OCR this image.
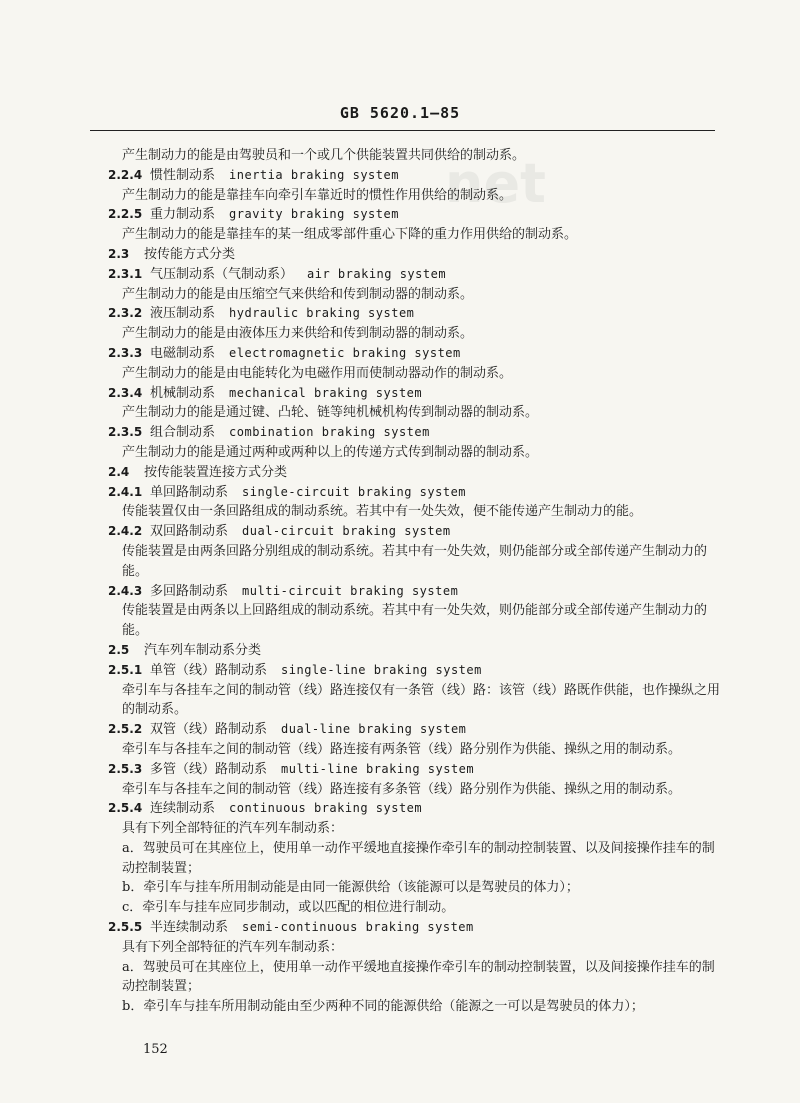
net
GB 5620.1—85

产生制动力的能是由驾驶员和一个或几个供能装置共同供给的制动系。

2.2.4 惯性制动系 inertia braking system

产生制动力的能是靠挂车向牵引车靠近时的惯性作用供给的制动系。

2.2.5 重力制动系 gravity braking system

产生制动力的能是靠挂车的某一组成零部件重心下降的重力作用供给的制动系。

2.3 按传能方式分类

2.3.1 气压制动系（气制动系） air braking system

产生制动力的能是由压缩空气来供给和传到制动器的制动系。

2.3.2 液压制动系 hydraulic braking system

产生制动力的能是由液体压力来供给和传到制动器的制动系。

2.3.3 电磁制动系 electromagnetic braking system

产生制动力的能是由电能转化为电磁作用而使制动器动作的制动系。

2.3.4 机械制动系 mechanical braking system

产生制动力的能是通过键、凸轮、链等纯机械机构传到制动器的制动系。

2.3.5 组合制动系 combination braking system

产生制动力的能是通过两种或两种以上的传递方式传到制动器的制动系。

2.4 按传能装置连接方式分类

2.4.1 单回路制动系 single-circuit braking system

传能装置仅由一条回路组成的制动系统。若其中有一处失效，便不能传递产生制动力的能。

2.4.2 双回路制动系 dual-circuit braking system

传能装置是由两条回路分别组成的制动系统。若其中有一处失效，则仍能部分或全部传递产生制动力的能。

2.4.3 多回路制动系 multi-circuit braking system

传能装置是由两条以上回路组成的制动系统。若其中有一处失效，则仍能部分或全部传递产生制动力的能。

2.5 汽车列车制动系分类

2.5.1 单管（线）路制动系 single-line braking system

牵引车与各挂车之间的制动管（线）路连接仅有一条管（线）路：该管（线）路既作供能，也作操纵之用的制动系。

2.5.2 双管（线）路制动系 dual-line braking system

牵引车与各挂车之间的制动管（线）路连接有两条管（线）路分别作为供能、操纵之用的制动系。

2.5.3 多管（线）路制动系 multi-line braking system

牵引车与各挂车之间的制动管（线）路连接有多条管（线）路分别作为供能、操纵之用的制动系。

2.5.4 连续制动系 continuous braking system

具有下列全部特征的汽车列车制动系：

a．驾驶员可在其座位上，使用单一动作平缓地直接操作牵引车的制动控制装置、以及间接操作挂车的制动控制装置；

b．牵引车与挂车所用制动能是由同一能源供给（该能源可以是驾驶员的体力）；

c．牵引车与挂车应同步制动，或以匹配的相位进行制动。

2.5.5 半连续制动系 semi-continuous braking system

具有下列全部特征的汽车列车制动系：

a．驾驶员可在其座位上，使用单一动作平缓地直接操作牵引车的制动控制装置，以及间接操作挂车的制动控制装置；

b．牵引车与挂车所用制动能由至少两种不同的能源供给（能源之一可以是驾驶员的体力）；

152
